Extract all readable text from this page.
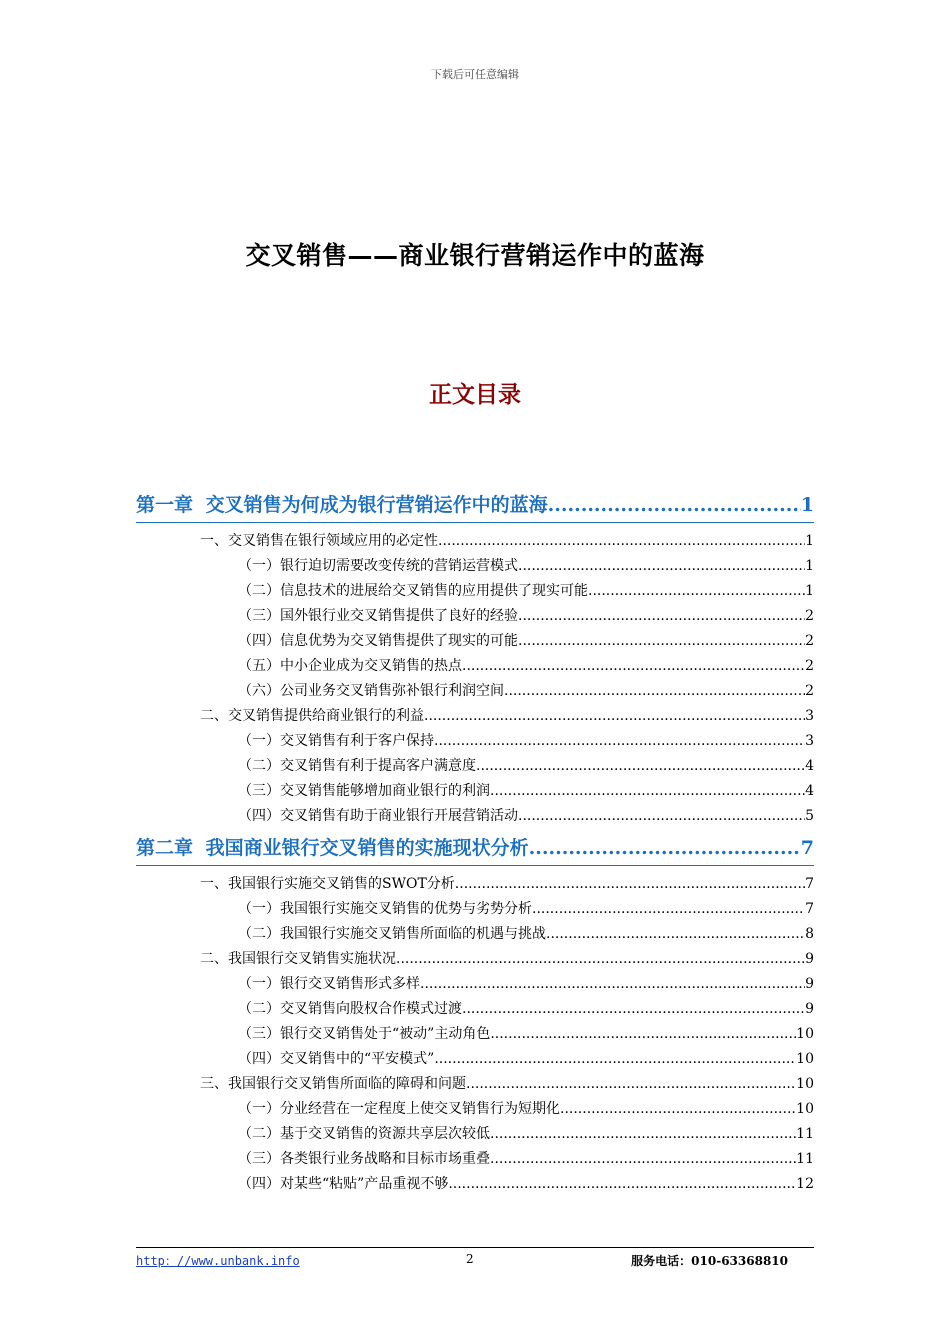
下载后可任意编辑
交叉销售——商业银行营销运作中的蓝海
正文目录
第一章 交叉销售为何成为银行营销运作中的蓝海 .....	1
一、交叉销售在银行领域应用的必定性 .....	1
（一）银行迫切需要改变传统的营销运营模式 .....	1
（二）信息技术的进展给交叉销售的应用提供了现实可能 .....	1
（三）国外银行业交叉销售提供了良好的经验 .....	2
（四）信息优势为交叉销售提供了现实的可能 .....	2
（五）中小企业成为交叉销售的热点 .....	2
（六）公司业务交叉销售弥补银行利润空间 .....	2
二、交叉销售提供给商业银行的利益 .....	3
（一）交叉销售有利于客户保持 .....	3
（二）交叉销售有利于提高客户满意度 .....	4
（三）交叉销售能够增加商业银行的利润 .....	4
（四）交叉销售有助于商业银行开展营销活动 .....	5
第二章 我国商业银行交叉销售的实施现状分析 .....	7
一、我国银行实施交叉销售的SWOT分析 .....	7
（一）我国银行实施交叉销售的优势与劣势分析 .....	7
（二）我国银行实施交叉销售所面临的机遇与挑战 .....	8
二、我国银行交叉销售实施状况 .....	9
（一）银行交叉销售形式多样 .....	9
（二）交叉销售向股权合作模式过渡 .....	9
（三）银行交叉销售处于“被动”主动角色 .....	10
（四）交叉销售中的“平安模式” .....	10
三、我国银行交叉销售所面临的障碍和问题 .....	10
（一）分业经营在一定程度上使交叉销售行为短期化 .....	10
（二）基于交叉销售的资源共享层次较低 .....	11
（三）各类银行业务战略和目标市场重叠 .....	11
（四）对某些“粘贴”产品重视不够 .....	12
http：//www.unbank.info	2	服务电话：010-63368810
